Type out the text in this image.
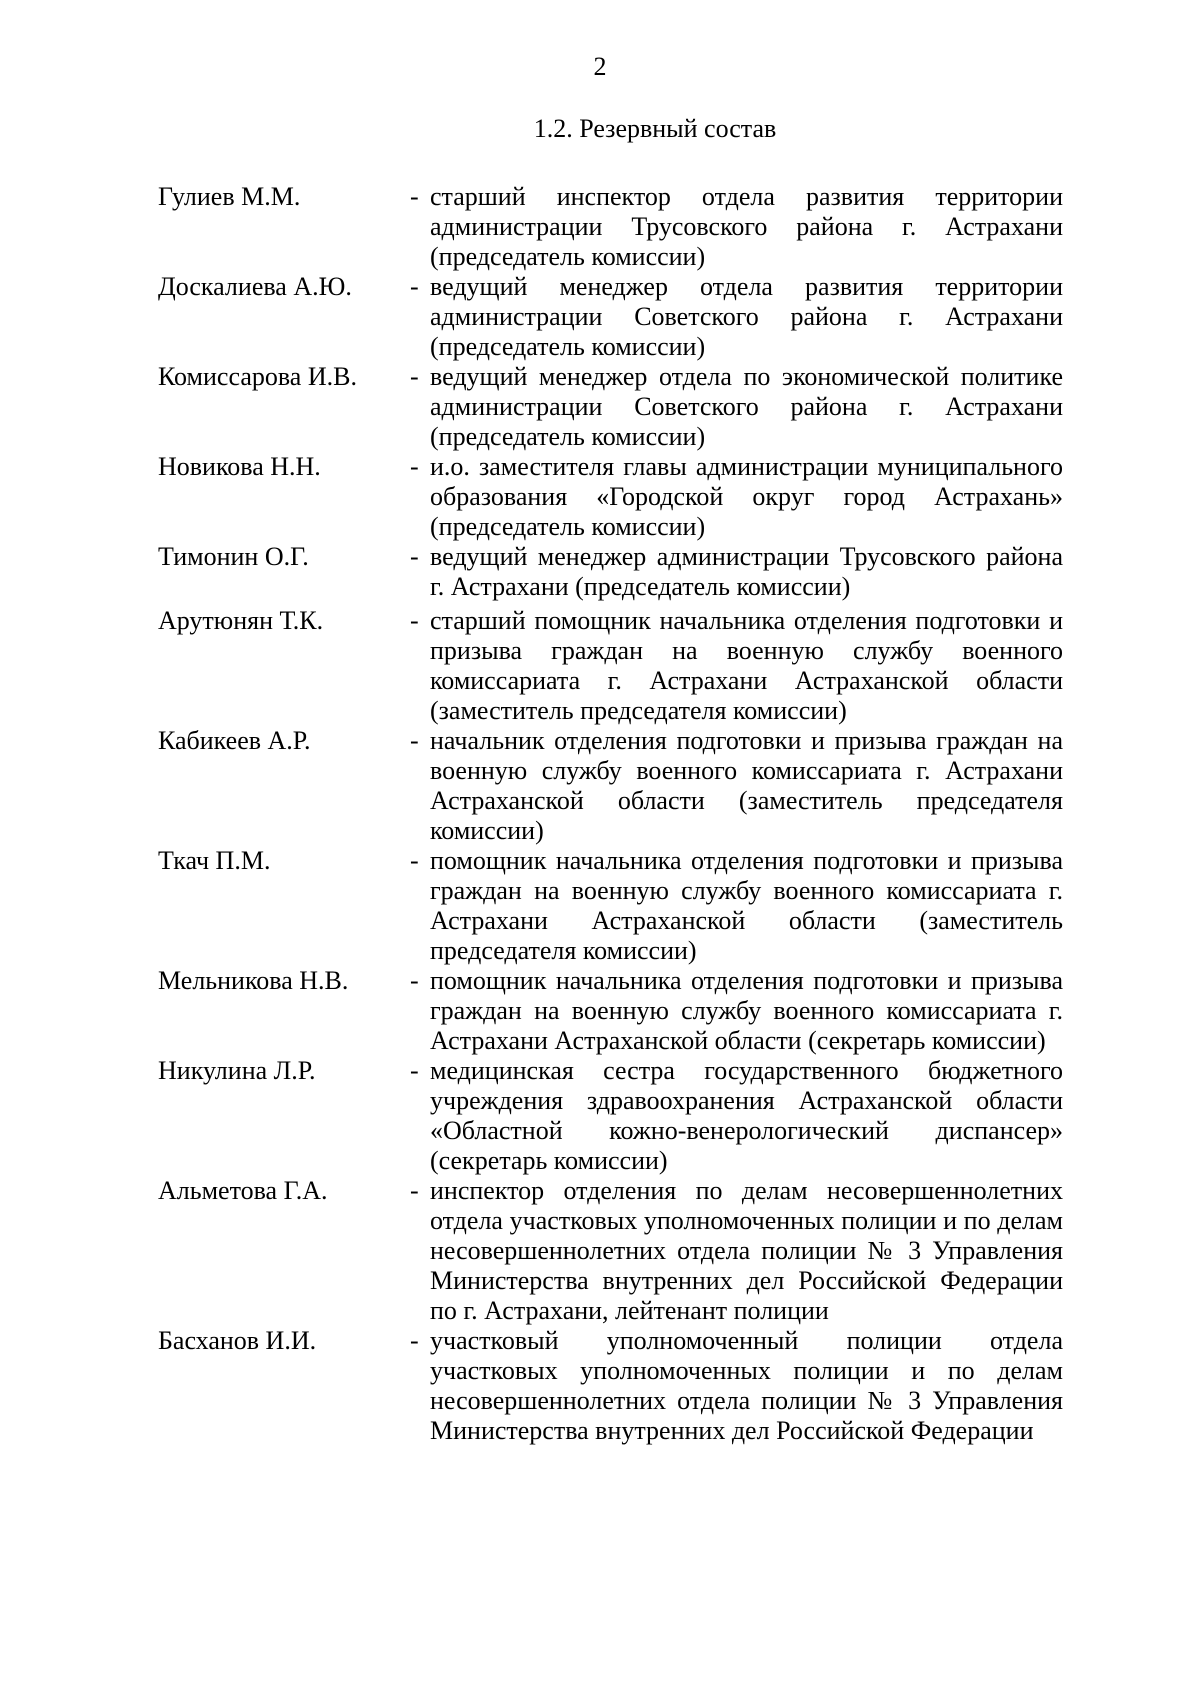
2
1.2. Резервный состав
Гулиев М.М.	- старший инспектор отдела развития территории администрации Трусовского района г. Астрахани (председатель комиссии)
Доскалиева А.Ю.	- ведущий менеджер отдела развития территории администрации Советского района г. Астрахани (председатель комиссии)
Комиссарова И.В.	- ведущий менеджер отдела по экономической политике администрации Советского района г. Астрахани (председатель комиссии)
Новикова Н.Н.	- и.о. заместителя главы администрации муниципального образования «Городской округ город Астрахань» (председатель комиссии)
Тимонин О.Г.	- ведущий менеджер администрации Трусовского района г. Астрахани (председатель комиссии)
Арутюнян Т.К.	- старший помощник начальника отделения подготовки и призыва граждан на военную службу военного комиссариата г. Астрахани Астраханской области (заместитель председателя комиссии)
Кабикеев А.Р.	- начальник отделения подготовки и призыва граждан на военную службу военного комиссариата г. Астрахани Астраханской области (заместитель председателя комиссии)
Ткач П.М.	- помощник начальника отделения подготовки и призыва граждан на военную службу военного комиссариата г. Астрахани Астраханской области (заместитель председателя комиссии)
Мельникова Н.В.	- помощник начальника отделения подготовки и призыва граждан на военную службу военного комиссариата г. Астрахани Астраханской области (секретарь комиссии)
Никулина Л.Р.	- медицинская сестра государственного бюджетного учреждения здравоохранения Астраханской области «Областной кожно-венерологический диспансер» (секретарь комиссии)
Альметова Г.А.	- инспектор отделения по делам несовершеннолетних отдела участковых уполномоченных полиции и по делам несовершеннолетних отдела полиции № 3 Управления Министерства внутренних дел Российской Федерации по г. Астрахани, лейтенант полиции
Басханов И.И.	- участковый уполномоченный полиции отдела участковых уполномоченных полиции и по делам несовершеннолетних отдела полиции № 3 Управления Министерства внутренних дел Российской Федерации
